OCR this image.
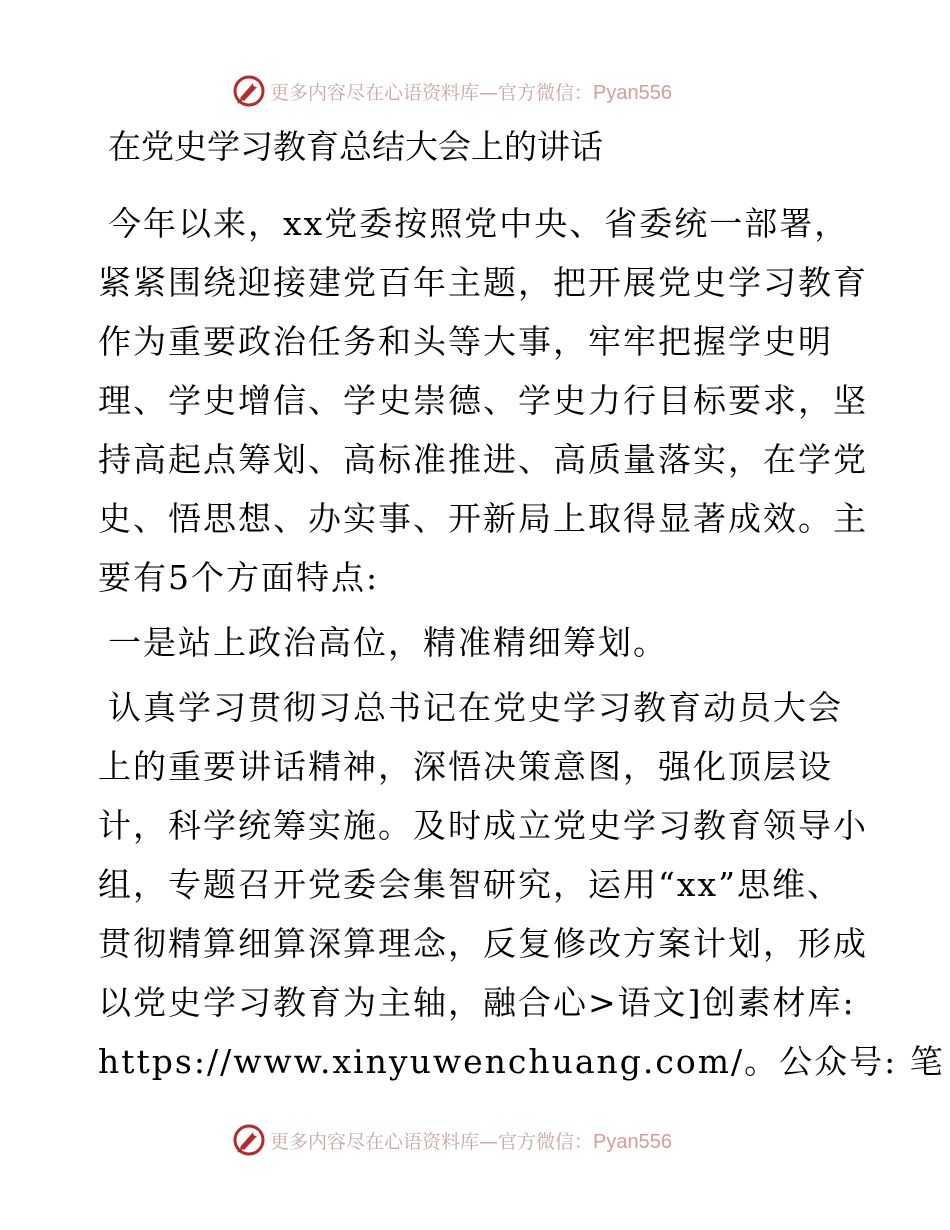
更多内容尽在心语资料库—官方微信：Pyan556
在党史学习教育总结大会上的讲话

今年以来，xx党委按照党中央、省委统一部署，
紧紧围绕迎接建党百年主题，把开展党史学习教育
作为重要政治任务和头等大事，牢牢把握学史明
理、学史增信、学史崇德、学史力行目标要求，坚
持高起点筹划、高标准推进、高质量落实，在学党
史、悟思想、办实事、开新局上取得显著成效。主
要有5个方面特点:

一是站上政治高位，精准精细筹划。

认真学习贯彻习总书记在党史学习教育动员大会
上的重要讲话精神，深悟决策意图，强化顶层设
计，科学统筹实施。及时成立党史学习教育领导小
组，专题召开党委会集智研究，运用“xx”思维、
贯彻精算细算深算理念，反复修改方案计划，形成
以党史学习教育为主轴，融合心>语文]创素材库:
https://www.xinyuwenchuang.com/。公众号: 笔

更多内容尽在心语资料库—官方微信：Pyan556
